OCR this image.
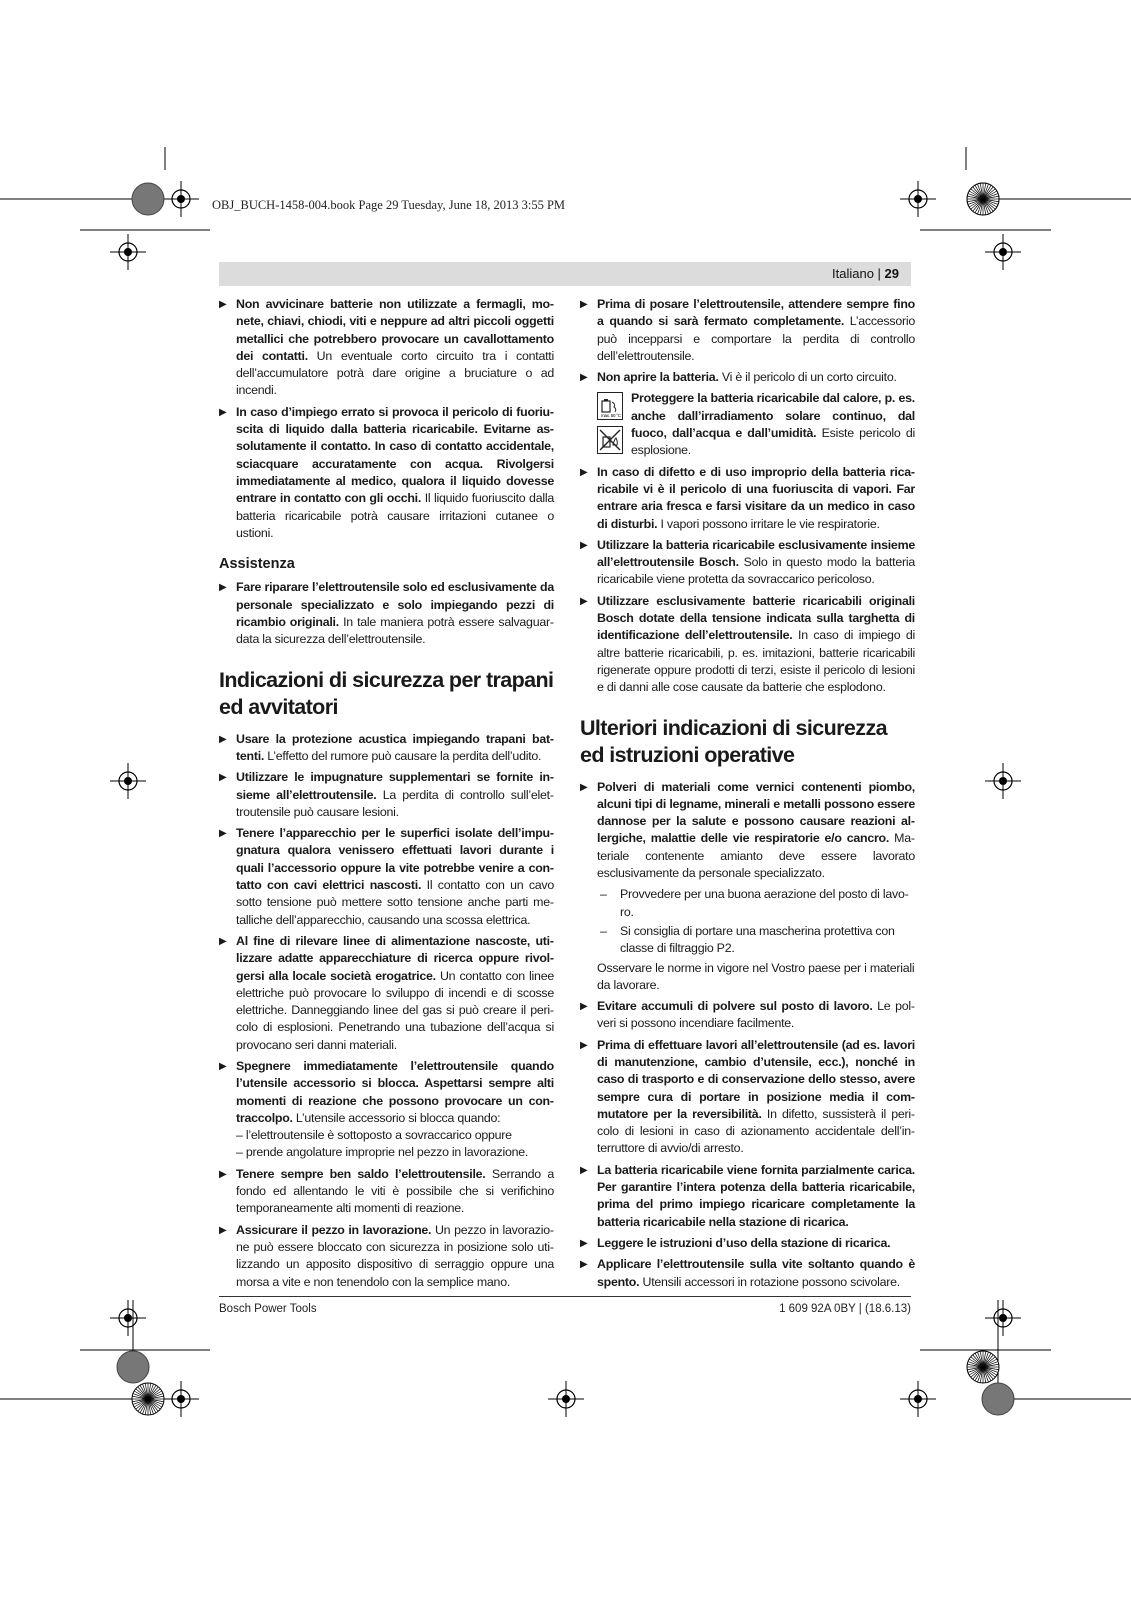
OBJ_BUCH-1458-004.book Page 29 Tuesday, June 18, 2013 3:55 PM
Italiano | 29
▶ Non avvicinare batterie non utilizzate a fermagli, monete, chiavi, chiodi, viti e neppure ad altri piccoli oggetti metallici che potrebbero provocare un cavallottamento dei contatti. Un eventuale corto circuito tra i contatti dell’accumulatore potrà dare origine a bruciature o ad incendi.
▶ In caso d’impiego errato si provoca il pericolo di fuoriuscita di liquido dalla batteria ricaricabile. Evitarne assolutamente il contatto. In caso di contatto accidentale, sciacquare accuratamente con acqua. Rivolgersi immediatamente al medico, qualora il liquido dovesse entrare in contatto con gli occhi. Il liquido fuoriuscito dalla batteria ricaricabile potrà causare irritazioni cutanee o ustioni.
Assistenza
▶ Fare riparare l’elettroutensile solo ed esclusivamente da personale specializzato e solo impiegando pezzi di ricambio originali. In tale maniera potrà essere salvaguardata la sicurezza dell’elettroutensile.
Indicazioni di sicurezza per trapani ed avvitatori
▶ Usare la protezione acustica impiegando trapani battenti. L’effetto del rumore può causare la perdita dell’udito.
▶ Utilizzare le impugnature supplementari se fornite insieme all’elettroutensile. La perdita di controllo sull’elettroutensile può causare lesioni.
▶ Tenere l’apparecchio per le superfici isolate dell’impugnatura qualora venissero effettuati lavori durante i quali l’accessorio oppure la vite potrebbe venire a contatto con cavi elettrici nascosti. Il contatto con un cavo sotto tensione può mettere sotto tensione anche parti metalliche dell’apparecchio, causando una scossa elettrica.
▶ Al fine di rilevare linee di alimentazione nascoste, utilizzare adatte apparecchiature di ricerca oppure rivolgersi alla locale società erogatrice. Un contatto con linee elettriche può provocare lo sviluppo di incendi e di scosse elettriche. Danneggiando linee del gas si può creare il pericolo di esplosioni. Penetrando una tubazione dell’acqua si provocano seri danni materiali.
▶ Spegnere immediatamente l’elettroutensile quando l’utensile accessorio si blocca. Aspettarsi sempre alti momenti di reazione che possono provocare un contraccolpo. L’utensile accessorio si blocca quando:
– l’elettroutensile è sottoposto a sovraccarico oppure
– prende angolature improprie nel pezzo in lavorazione.
▶ Tenere sempre ben saldo l’elettroutensile. Serrando a fondo ed allentando le viti è possibile che si verifichino temporaneamente alti momenti di reazione.
▶ Assicurare il pezzo in lavorazione. Un pezzo in lavorazione può essere bloccato con sicurezza in posizione solo utilizzando un apposito dispositivo di serraggio oppure una morsa a vite e non tenendolo con la semplice mano.
▶ Prima di posare l’elettroutensile, attendere sempre fino a quando si sarà fermato completamente. L’accessorio può incepparsi e comportare la perdita di controllo dell’elettroutensile.
▶ Non aprire la batteria. Vi è il pericolo di un corto circuito.
max. 50 °C
Proteggere la batteria ricaricabile dal calore, p. es. anche dall’irradiamento solare continuo, dal fuoco, dall’acqua e dall’umidità. Esiste pericolo di esplosione.
▶ In caso di difetto e di uso improprio della batteria ricaricabile vi è il pericolo di una fuoriuscita di vapori. Far entrare aria fresca e farsi visitare da un medico in caso di disturbi. I vapori possono irritare le vie respiratorie.
▶ Utilizzare la batteria ricaricabile esclusivamente insieme all’elettroutensile Bosch. Solo in questo modo la batteria ricaricabile viene protetta da sovraccarico pericoloso.
▶ Utilizzare esclusivamente batterie ricaricabili originali Bosch dotate della tensione indicata sulla targhetta di identificazione dell’elettroutensile. In caso di impiego di altre batterie ricaricabili, p. es. imitazioni, batterie ricaricabili rigenerate oppure prodotti di terzi, esiste il pericolo di lesioni e di danni alle cose causate da batterie che esplodono.
Ulteriori indicazioni di sicurezza ed istruzioni operative
▶ Polveri di materiali come vernici contenenti piombo, alcuni tipi di legname, minerali e metalli possono essere dannose per la salute e possono causare reazioni allergiche, malattie delle vie respiratorie e/o cancro. Materiale contenente amianto deve essere lavorato esclusivamente da personale specializzato.
– Provvedere per una buona aerazione del posto di lavoro.
– Si consiglia di portare una mascherina protettiva con classe di filtraggio P2.
Osservare le norme in vigore nel Vostro paese per i materiali da lavorare.
▶ Evitare accumuli di polvere sul posto di lavoro. Le polveri si possono incendiare facilmente.
▶ Prima di effettuare lavori all’elettroutensile (ad es. lavori di manutenzione, cambio d’utensile, ecc.), nonché in caso di trasporto e di conservazione dello stesso, avere sempre cura di portare in posizione media il commutatore per la reversibilità. In difetto, sussisterà il pericolo di lesioni in caso di azionamento accidentale dell’interruttore di avvio/di arresto.
▶ La batteria ricaricabile viene fornita parzialmente carica. Per garantire l’intera potenza della batteria ricaricabile, prima del primo impiego ricaricare completamente la batteria ricaricabile nella stazione di ricarica.
▶ Leggere le istruzioni d’uso della stazione di ricarica.
▶ Applicare l’elettroutensile sulla vite soltanto quando è spento. Utensili accessori in rotazione possono scivolare.
Bosch Power Tools	1 609 92A 0BY | (18.6.13)
